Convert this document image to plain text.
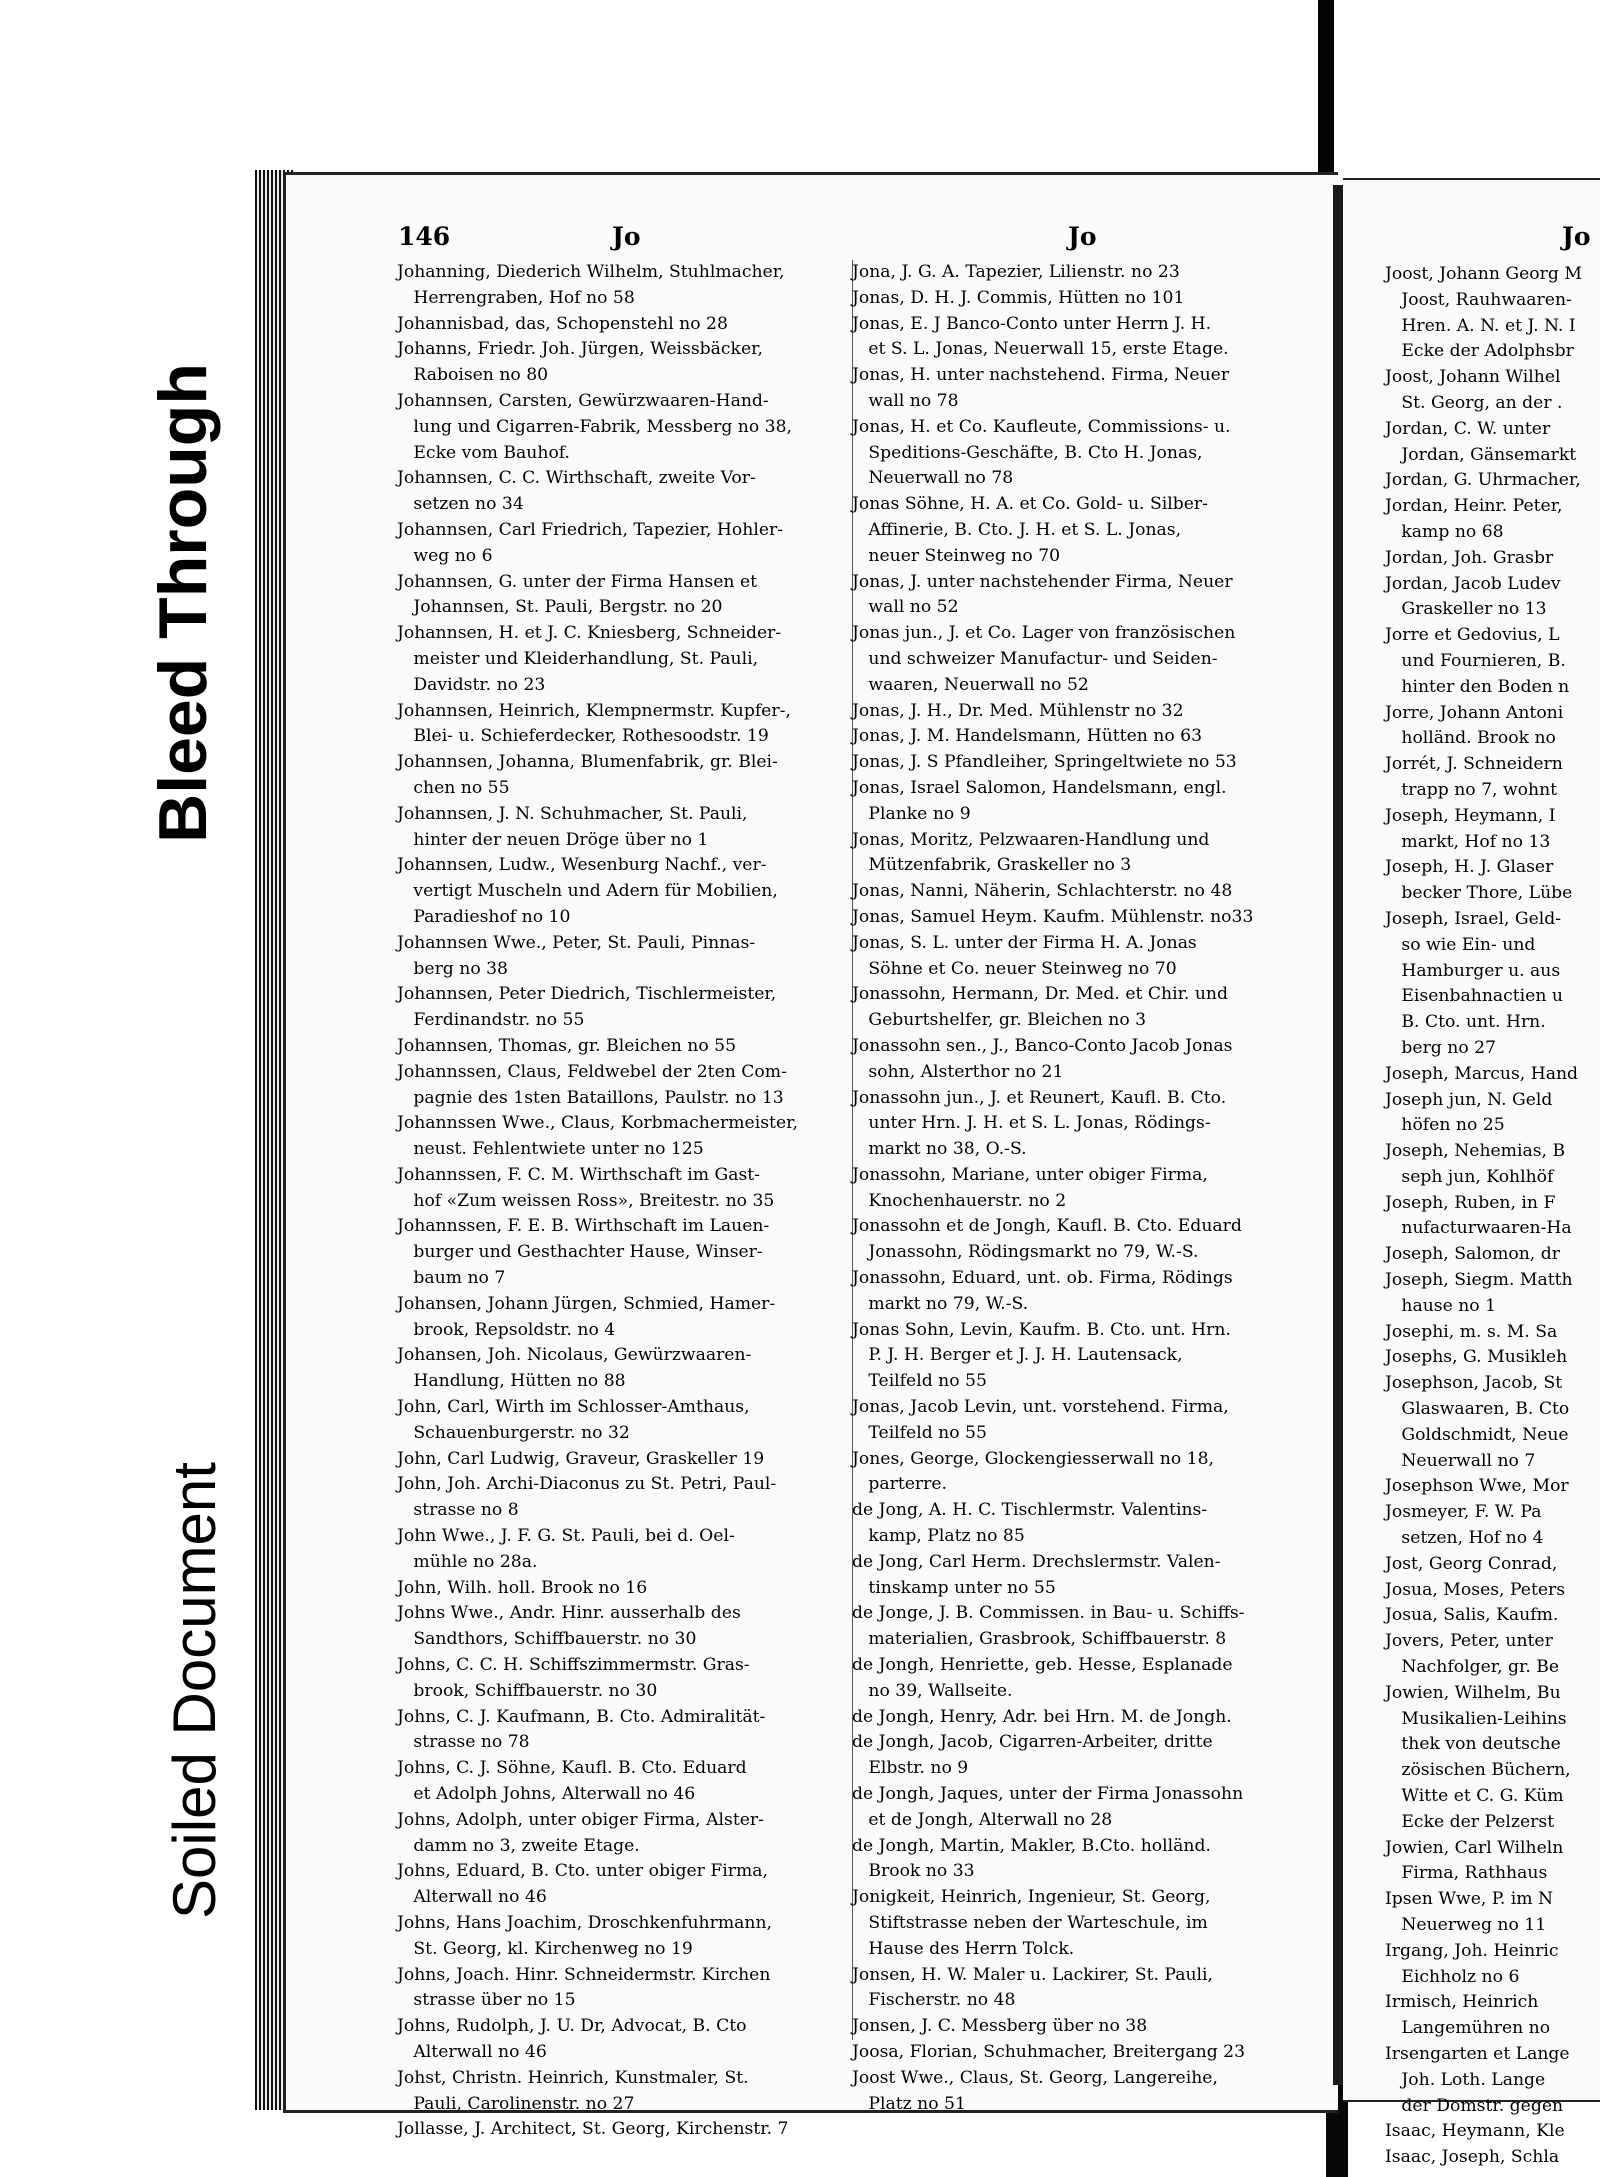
Bleed Through
Soiled Document
146	Jo	Jo	Jo
Johanning, Diederich Wilhelm, Stuhlmacher,
Herrengraben, Hof no 58
Johannisbad, das, Schopenstehl no 28
Johanns, Friedr. Joh. Jürgen, Weissbäcker,
Raboisen no 80
Johannsen, Carsten, Gewürzwaaren-Hand-
lung und Cigarren-Fabrik, Messberg no 38,
Ecke vom Bauhof.
Johannsen, C. C. Wirthschaft, zweite Vor-
setzen no 34
Johannsen, Carl Friedrich, Tapezier, Hohler-
weg no 6
Johannsen, G. unter der Firma Hansen et
Johannsen, St. Pauli, Bergstr. no 20
Johannsen, H. et J. C. Kniesberg, Schneider-
meister und Kleiderhandlung, St. Pauli,
Davidstr. no 23
Johannsen, Heinrich, Klempnermstr. Kupfer-,
Blei- u. Schieferdecker, Rothesoodstr. 19
Johannsen, Johanna, Blumenfabrik, gr. Blei-
chen no 55
Johannsen, J. N. Schuhmacher, St. Pauli,
hinter der neuen Dröge über no 1
Johannsen, Ludw., Wesenburg Nachf., ver-
vertigt Muscheln und Adern für Mobilien,
Paradieshof no 10
Johannsen Wwe., Peter, St. Pauli, Pinnas-
berg no 38
Johannsen, Peter Diedrich, Tischlermeister,
Ferdinandstr. no 55
Johannsen, Thomas, gr. Bleichen no 55
Johannssen, Claus, Feldwebel der 2ten Com-
pagnie des 1sten Bataillons, Paulstr. no 13
Johannssen Wwe., Claus, Korbmachermeister,
neust. Fehlentwiete unter no 125
Johannssen, F. C. M. Wirthschaft im Gast-
hof «Zum weissen Ross», Breitestr. no 35
Johannssen, F. E. B. Wirthschaft im Lauen-
burger und Gesthachter Hause, Winser-
baum no 7
Johansen, Johann Jürgen, Schmied, Hamer-
brook, Repsoldstr. no 4
Johansen, Joh. Nicolaus, Gewürzwaaren-
Handlung, Hütten no 88
John, Carl, Wirth im Schlosser-Amthaus,
Schauenburgerstr. no 32
John, Carl Ludwig, Graveur, Graskeller 19
John, Joh. Archi-Diaconus zu St. Petri, Paul-
strasse no 8
John Wwe., J. F. G. St. Pauli, bei d. Oel-
mühle no 28a.
John, Wilh. holl. Brook no 16
Johns Wwe., Andr. Hinr. ausserhalb des
Sandthors, Schiffbauerstr. no 30
Johns, C. C. H. Schiffszimmermstr. Gras-
brook, Schiffbauerstr. no 30
Johns, C. J. Kaufmann, B. Cto. Admiralität-
strasse no 78
Johns, C. J. Söhne, Kaufl. B. Cto. Eduard
et Adolph Johns, Alterwall no 46
Johns, Adolph, unter obiger Firma, Alster-
damm no 3, zweite Etage.
Johns, Eduard, B. Cto. unter obiger Firma,
Alterwall no 46
Johns, Hans Joachim, Droschkenfuhrmann,
St. Georg, kl. Kirchenweg no 19
Johns, Joach. Hinr. Schneidermstr. Kirchen
strasse über no 15
Johns, Rudolph, J. U. Dr, Advocat, B. Cto
Alterwall no 46
Johst, Christn. Heinrich, Kunstmaler, St.
Pauli, Carolinenstr. no 27
Jollasse, J. Architect, St. Georg, Kirchenstr. 7
Jona, J. G. A. Tapezier, Lilienstr. no 23
Jonas, D. H. J. Commis, Hütten no 101
Jonas, E. J Banco-Conto unter Herrn J. H.
et S. L. Jonas, Neuerwall 15, erste Etage.
Jonas, H. unter nachstehend. Firma, Neuer
wall no 78
Jonas, H. et Co. Kaufleute, Commissions- u.
Speditions-Geschäfte, B. Cto H. Jonas,
Neuerwall no 78
Jonas Söhne, H. A. et Co. Gold- u. Silber-
Affinerie, B. Cto. J. H. et S. L. Jonas,
neuer Steinweg no 70
Jonas, J. unter nachstehender Firma, Neuer
wall no 52
Jonas jun., J. et Co. Lager von französischen
und schweizer Manufactur- und Seiden-
waaren, Neuerwall no 52
Jonas, J. H., Dr. Med. Mühlenstr no 32
Jonas, J. M. Handelsmann, Hütten no 63
Jonas, J. S Pfandleiher, Springeltwiete no 53
Jonas, Israel Salomon, Handelsmann, engl.
Planke no 9
Jonas, Moritz, Pelzwaaren-Handlung und
Mützenfabrik, Graskeller no 3
Jonas, Nanni, Näherin, Schlachterstr. no 48
Jonas, Samuel Heym. Kaufm. Mühlenstr. no33
Jonas, S. L. unter der Firma H. A. Jonas
Söhne et Co. neuer Steinweg no 70
Jonassohn, Hermann, Dr. Med. et Chir. und
Geburtshelfer, gr. Bleichen no 3
Jonassohn sen., J., Banco-Conto Jacob Jonas
sohn, Alsterthor no 21
Jonassohn jun., J. et Reunert, Kaufl. B. Cto.
unter Hrn. J. H. et S. L. Jonas, Rödings-
markt no 38, O.-S.
Jonassohn, Mariane, unter obiger Firma,
Knochenhauerstr. no 2
Jonassohn et de Jongh, Kaufl. B. Cto. Eduard
Jonassohn, Rödingsmarkt no 79, W.-S.
Jonassohn, Eduard, unt. ob. Firma, Rödings
markt no 79, W.-S.
Jonas Sohn, Levin, Kaufm. B. Cto. unt. Hrn.
P. J. H. Berger et J. J. H. Lautensack,
Teilfeld no 55
Jonas, Jacob Levin, unt. vorstehend. Firma,
Teilfeld no 55
Jones, George, Glockengiesserwall no 18,
parterre.
de Jong, A. H. C. Tischlermstr. Valentins-
kamp, Platz no 85
de Jong, Carl Herm. Drechslermstr. Valen-
tinskamp unter no 55
de Jonge, J. B. Commissen. in Bau- u. Schiffs-
materialien, Grasbrook, Schiffbauerstr. 8
de Jongh, Henriette, geb. Hesse, Esplanade
no 39, Wallseite.
de Jongh, Henry, Adr. bei Hrn. M. de Jongh.
de Jongh, Jacob, Cigarren-Arbeiter, dritte
Elbstr. no 9
de Jongh, Jaques, unter der Firma Jonassohn
et de Jongh, Alterwall no 28
de Jongh, Martin, Makler, B.Cto. holländ.
Brook no 33
Jonigkeit, Heinrich, Ingenieur, St. Georg,
Stiftstrasse neben der Warteschule, im
Hause des Herrn Tolck.
Jonsen, H. W. Maler u. Lackirer, St. Pauli,
Fischerstr. no 48
Jonsen, J. C. Messberg über no 38
Joosa, Florian, Schuhmacher, Breitergang 23
Joost Wwe., Claus, St. Georg, Langereihe,
Platz no 51
Joost, Johann Georg M
Joost, Rauhwaaren-
Hren. A. N. et J. N. I
Ecke der Adolphsbr
Joost, Johann Wilhel
St. Georg, an der .
Jordan, C. W. unter
Jordan, Gänsemarkt
Jordan, G. Uhrmacher,
Jordan, Heinr. Peter,
kamp no 68
Jordan, Joh. Grasbr
Jordan, Jacob Ludev
Graskeller no 13
Jorre et Gedovius, L
und Fournieren, B.
hinter den Boden n
Jorre, Johann Antoni
holländ. Brook no
Jorrét, J. Schneidern
trapp no 7, wohnt
Joseph, Heymann, I
markt, Hof no 13
Joseph, H. J. Glaser
becker Thore, Lübe
Joseph, Israel, Geld-
so wie Ein- und
Hamburger u. aus
Eisenbahnactien u
B. Cto. unt. Hrn.
berg no 27
Joseph, Marcus, Hand
Joseph jun, N. Geld
höfen no 25
Joseph, Nehemias, B
seph jun, Kohlhöf
Joseph, Ruben, in F
nufacturwaaren-Ha
Joseph, Salomon, dr
Joseph, Siegm. Matth
hause no 1
Josephi, m. s. M. Sa
Josephs, G. Musikleh
Josephson, Jacob, St
Glaswaaren, B. Cto
Goldschmidt, Neue
Neuerwall no 7
Josephson Wwe, Mor
Josmeyer, F. W. Pa
setzen, Hof no 4
Jost, Georg Conrad,
Josua, Moses, Peters
Josua, Salis, Kaufm.
Jovers, Peter, unter
Nachfolger, gr. Be
Jowien, Wilhelm, Bu
Musikalien-Leihins
thek von deutsche
zösischen Büchern,
Witte et C. G. Küm
Ecke der Pelzerst
Jowien, Carl Wilheln
Firma, Rathhaus
Ipsen Wwe, P. im N
Neuerweg no 11
Irgang, Joh. Heinric
Eichholz no 6
Irmisch, Heinrich
Langemühren no
Irsengarten et Lange
Joh. Loth. Lange
der Domstr. gegen
Isaac, Heymann, Kle
Isaac, Joseph, Schla
